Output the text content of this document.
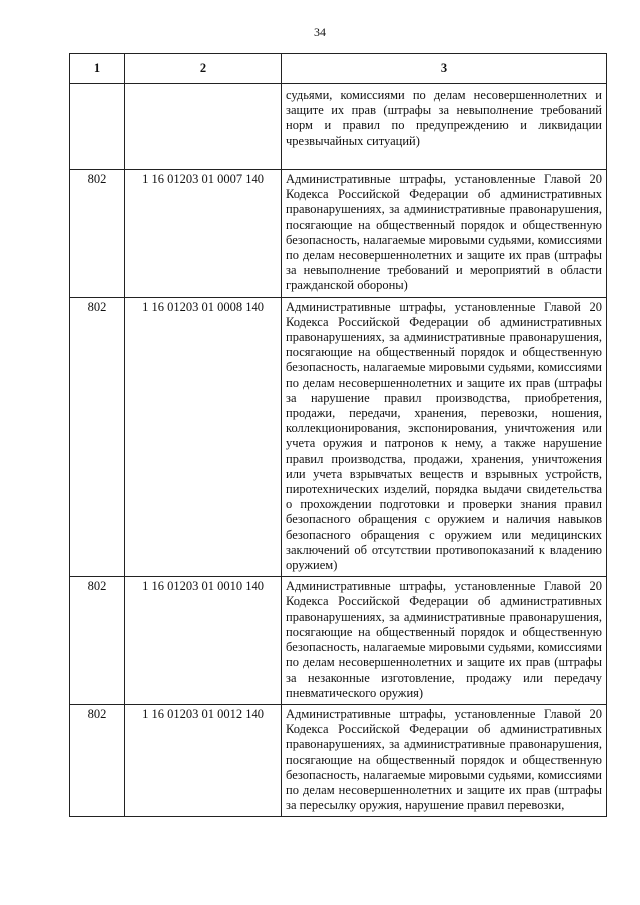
34
1	2	3
		судьями, комиссиями по делам несовершеннолетних и защите их прав (штрафы за невыполнение требований норм и правил по предупреждению и ликвидации чрезвычайных ситуаций)
802	1 16 01203 01 0007 140	Административные штрафы, установленные Главой 20 Кодекса Российской Федерации об административных правонарушениях, за административные правонарушения, посягающие на общественный порядок и общественную безопасность, налагаемые мировыми судьями, комиссиями по делам несовершеннолетних и защите их прав (штрафы за невыполнение требований и мероприятий в области гражданской обороны)
802	1 16 01203 01 0008 140	Административные штрафы, установленные Главой 20 Кодекса Российской Федерации об административных правонарушениях, за административные правонарушения, посягающие на общественный порядок и общественную безопасность, налагаемые мировыми судьями, комиссиями по делам несовершеннолетних и защите их прав (штрафы за нарушение правил производства, приобретения, продажи, передачи, хранения, перевозки, ношения, коллекционирования, экспонирования, уничтожения или учета оружия и патронов к нему, а также нарушение правил производства, продажи, хранения, уничтожения или учета взрывчатых веществ и взрывных устройств, пиротехнических изделий, порядка выдачи свидетельства о прохождении подготовки и проверки знания правил безопасного обращения с оружием и наличия навыков безопасного обращения с оружием или медицинских заключений об отсутствии противопоказаний к владению оружием)
802	1 16 01203 01 0010 140	Административные штрафы, установленные Главой 20 Кодекса Российской Федерации об административных правонарушениях, за административные правонарушения, посягающие на общественный порядок и общественную безопасность, налагаемые мировыми судьями, комиссиями по делам несовершеннолетних и защите их прав (штрафы за незаконные изготовление, продажу или передачу пневматического оружия)
802	1 16 01203 01 0012 140	Административные штрафы, установленные Главой 20 Кодекса Российской Федерации об административных правонарушениях, за административные правонарушения, посягающие на общественный порядок и общественную безопасность, налагаемые мировыми судьями, комиссиями по делам несовершеннолетних и защите их прав (штрафы за пересылку оружия, нарушение правил перевозки,
